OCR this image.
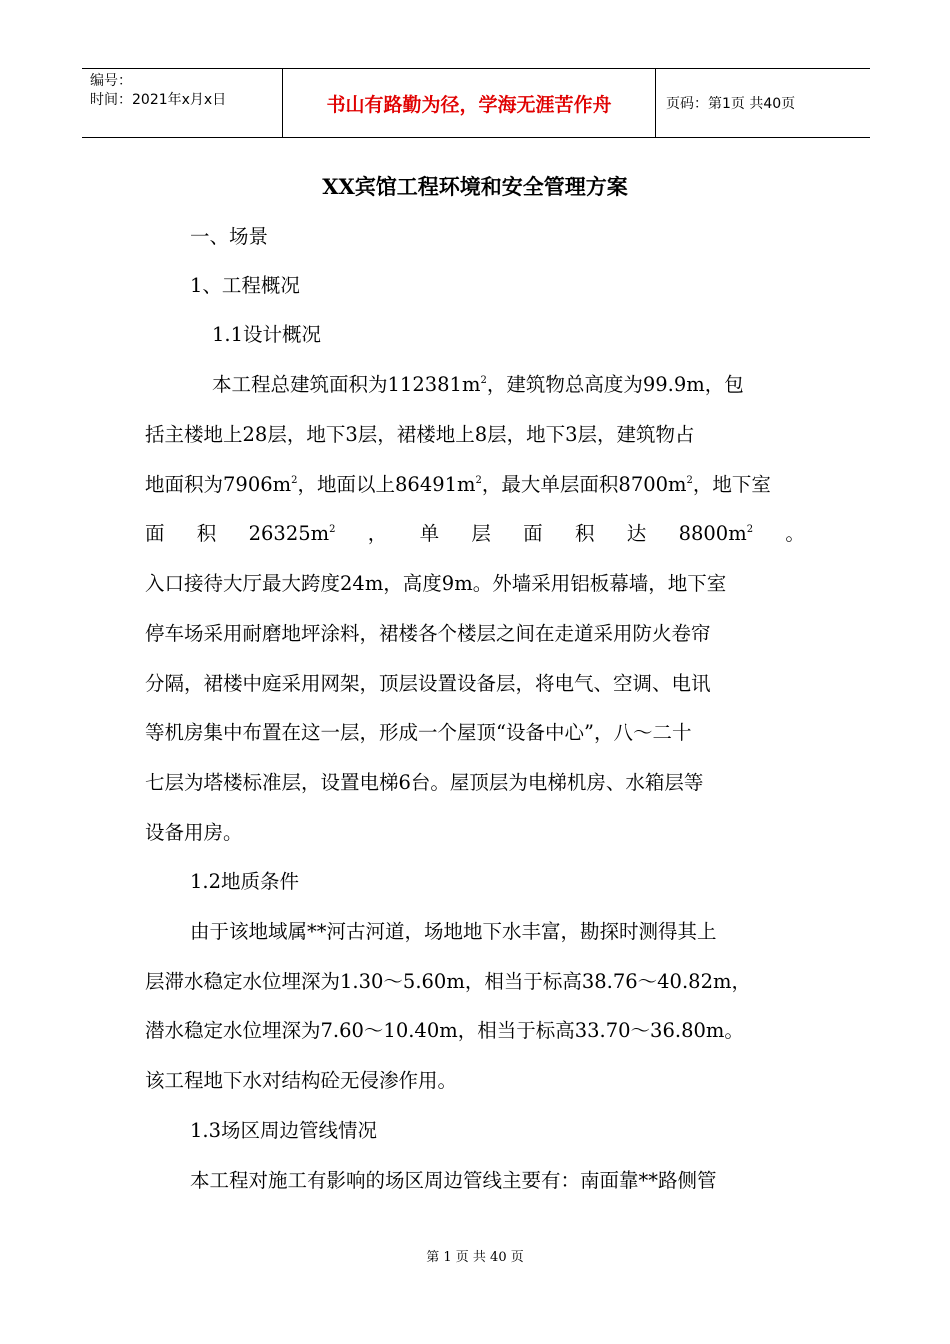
编号：
时间：2021年x月x日	书山有路勤为径，学海无涯苦作舟	页码：第1页 共40页
XX宾馆工程环境和安全管理方案
一、场景
1、工程概况
1.1设计概况
本工程总建筑面积为$112381m^2$，建筑物总高度为99.9m，包
括主楼地上28层，地下3层，裙楼地上8层，地下3层，建筑物占
地面积为$7906m^2$，地面以上$86491m^2$，最大单层面积$8700m^2$，地下室
面 积 $26325m^2$ ， 单 层 面 积 达 $8800m^2$ 。
入口接待大厅最大跨度24m，高度9m。外墙采用铝板幕墙，地下室
停车场采用耐磨地坪涂料，裙楼各个楼层之间在走道采用防火卷帘
分隔，裙楼中庭采用网架，顶层设置设备层，将电气、空调、电讯
等机房集中布置在这一层，形成一个屋顶“设备中心”，八～二十
七层为塔楼标准层，设置电梯6台。屋顶层为电梯机房、水箱层等
设备用房。
1.2地质条件
由于该地域属**河古河道，场地地下水丰富，勘探时测得其上
层滞水稳定水位埋深为1.30～5.60m，相当于标高38.76～40.82m，
潜水稳定水位埋深为7.60～10.40m，相当于标高33.70～36.80m。
该工程地下水对结构砼无侵渗作用。
1.3场区周边管线情况
本工程对施工有影响的场区周边管线主要有：南面靠**路侧管
第 1 页 共 40 页
